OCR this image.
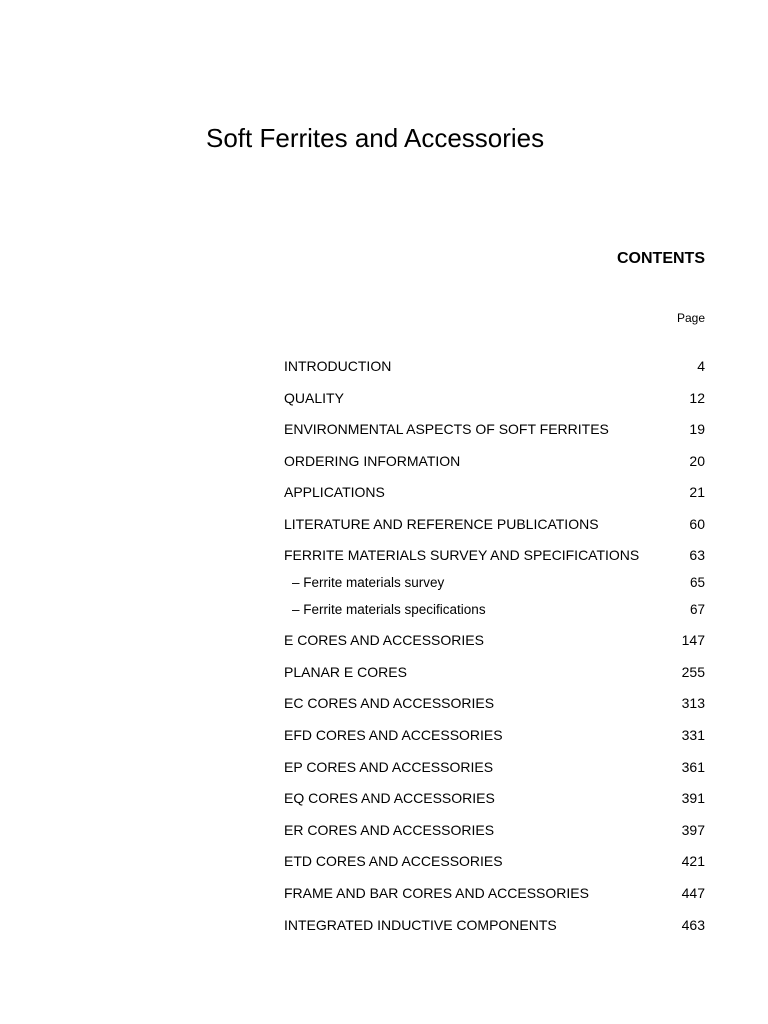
Soft Ferrites and Accessories
CONTENTS
Page
INTRODUCTION	4
QUALITY	12
ENVIRONMENTAL ASPECTS OF SOFT FERRITES	19
ORDERING INFORMATION	20
APPLICATIONS	21
LITERATURE AND REFERENCE PUBLICATIONS	60
FERRITE MATERIALS SURVEY AND SPECIFICATIONS	63
– Ferrite materials survey	65
– Ferrite materials specifications	67
E CORES AND ACCESSORIES	147
PLANAR E CORES	255
EC CORES AND ACCESSORIES	313
EFD CORES AND ACCESSORIES	331
EP CORES AND ACCESSORIES	361
EQ CORES AND ACCESSORIES	391
ER CORES AND ACCESSORIES	397
ETD CORES AND ACCESSORIES	421
FRAME AND BAR CORES AND ACCESSORIES	447
INTEGRATED INDUCTIVE COMPONENTS	463
